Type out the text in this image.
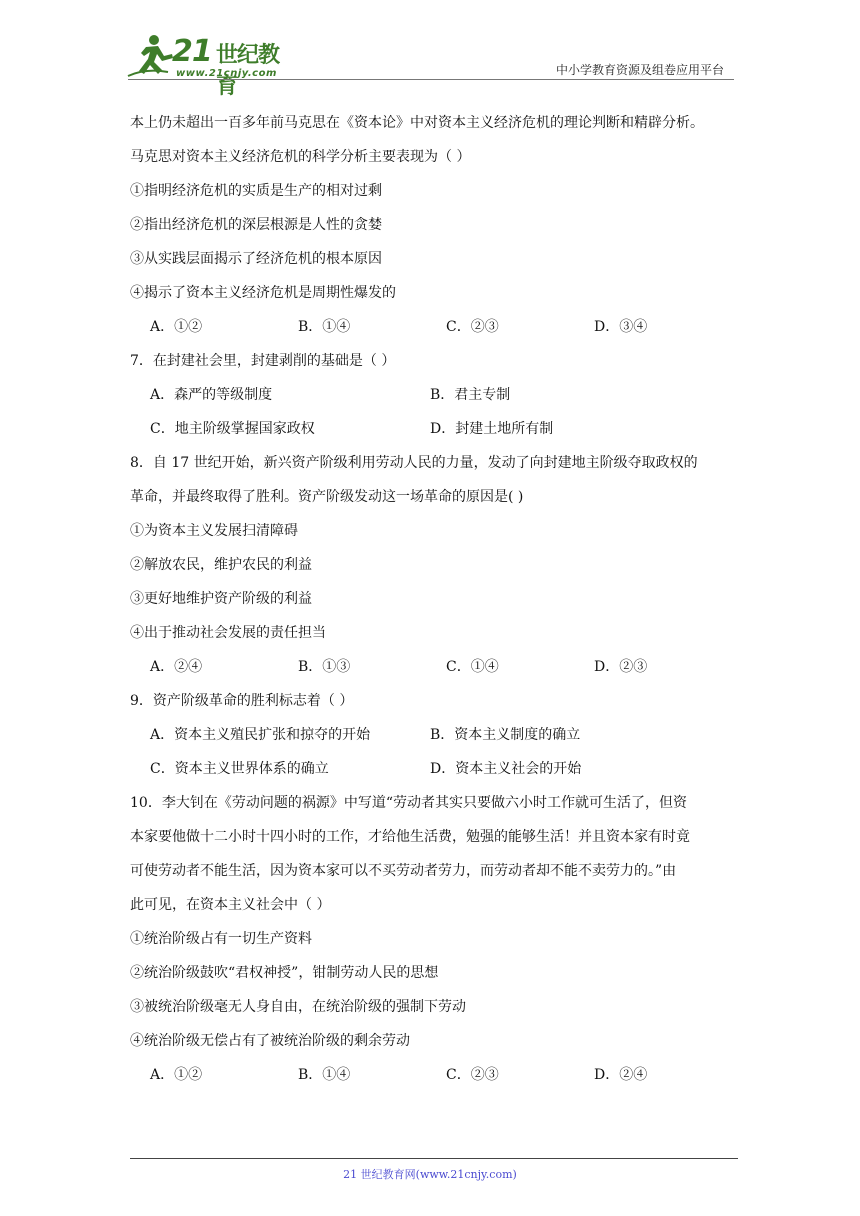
21 世纪教育
www.21cnjy.com	中小学教育资源及组卷应用平台
本上仍未超出一百多年前马克思在《资本论》中对资本主义经济危机的理论判断和精辟分析。
马克思对资本主义经济危机的科学分析主要表现为（ ）
①指明经济危机的实质是生产的相对过剩
②指出经济危机的深层根源是人性的贪婪
③从实践层面揭示了经济危机的根本原因
④揭示了资本主义经济危机是周期性爆发的
A．①②	B．①④	C．②③	D．③④
7．在封建社会里，封建剥削的基础是（ ）
A．森严的等级制度	B．君主专制
C．地主阶级掌握国家政权	D．封建土地所有制
8．自 17 世纪开始，新兴资产阶级利用劳动人民的力量，发动了向封建地主阶级夺取政权的
革命，并最终取得了胜利。资产阶级发动这一场革命的原因是( )
①为资本主义发展扫清障碍
②解放农民，维护农民的利益
③更好地维护资产阶级的利益
④出于推动社会发展的责任担当
A．②④	B．①③	C．①④	D．②③
9．资产阶级革命的胜利标志着（ ）
A．资本主义殖民扩张和掠夺的开始	B．资本主义制度的确立
C．资本主义世界体系的确立	D．资本主义社会的开始
10．李大钊在《劳动问题的祸源》中写道“劳动者其实只要做六小时工作就可生活了，但资
本家要他做十二小时十四小时的工作，才给他生活费，勉强的能够生活！并且资本家有时竟
可使劳动者不能生活，因为资本家可以不买劳动者劳力，而劳动者却不能不卖劳力的。”由
此可见，在资本主义社会中（ ）
①统治阶级占有一切生产资料
②统治阶级鼓吹“君权神授”，钳制劳动人民的思想
③被统治阶级毫无人身自由，在统治阶级的强制下劳动
④统治阶级无偿占有了被统治阶级的剩余劳动
A．①②	B．①④	C．②③	D．②④
21 世纪教育网(www.21cnjy.com)
